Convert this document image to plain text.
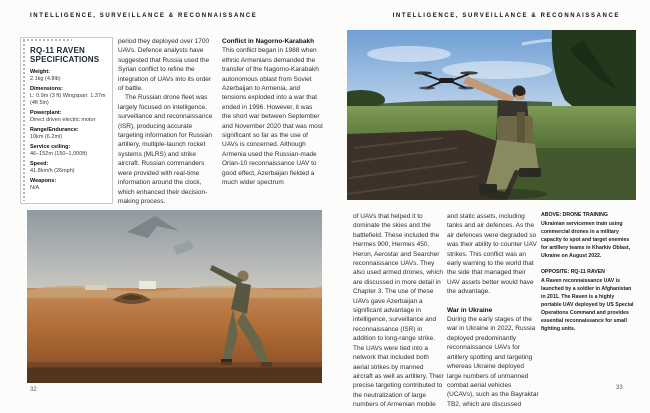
INTELLIGENCE, SURVEILLANCE & RECONNAISSANCE	INTELLIGENCE, SURVEILLANCE & RECONNAISSANCE
RQ-11 RAVEN SPECIFICATIONS
Weight:
2.1kg (4.8lb)
Dimensions:
L: 0.9m (3 ft) Wingspan: 1.37m (4ft 5in)
Powerplant:
Direct driven electric motor
Range/Endurance:
10km (6.2mi)
Service ceiling:
46–152m (150–1,000ft)
Speed:
41.8km/h (26mph)
Weapons:
N/A

period they deployed over 1700 UAVs. Defence analysts have suggested that Russia used the Syrian conflict to refine the integration of UAVs into its order of battle.

The Russian drone fleet was largely focused on intelligence, surveillance and reconnaissance (ISR), producing accurate targeting information for Russian artillery, multiple-launch rocket systems (MLRS) and strike aircraft. Russian commanders were provided with real-time information around the clock, which enhanced their decision-making process.

Conflict in Nagorno-Karabakh

This conflict began in 1988 when ethnic Armenians demanded the transfer of the Nagorno-Karabakh autonomous oblast from Soviet Azerbaijan to Armenia, and tensions exploded into a war that ended in 1996. However, it was the short war between September and November 2020 that was most significant so far as the use of UAVs is concerned. Although Armenia used the Russian-made Orlan-10 reconnaissance UAV to good effect, Azerbaijan fielded a much wider spectrum

32

of UAVs that helped it to dominate the skies and the battlefield. These included the Hermes 900, Hermes 450, Heron, Aerostar and Searcher reconnaissance UAVs. They also used armed drones, which are discussed in more detail in Chapter 3. The use of these UAVs gave Azerbaijan a significant advantage in intelligence, surveillance and reconnaissance (ISR) in addition to long-range strike. The UAVs were tied into a network that included both aerial strikes by manned aircraft as well as artillery. Their precise targeting contributed to the neutralization of large numbers of Armenian mobile

and static assets, including tanks and air defences. As the air defences were degraded so was their ability to counter UAV strikes. This conflict was an early warning to the world that the side that managed their UAV assets better would have the advantage.

War in Ukraine

During the early stages of the war in Ukraine in 2022, Russia deployed predominantly reconnaissance UAVs for artillery spotting and targeting whereas Ukraine deployed large numbers of unmanned combat aerial vehicles (UCAVs), such as the Bayraktar TB2, which are discussed

ABOVE: DRONE TRAINING
Ukrainian servicemen train using commercial drones in a military capacity to spot and target enemies for artillery teams in Kharkiv Oblast, Ukraine on August 2022.
OPPOSITE: RQ-11 RAVEN
A Raven reconnaissance UAV is launched by a soldier in Afghanistan in 2011. The Raven is a highly portable UAV deployed by US Special Operations Command and provides essential reconnaissance for small fighting units.
33
